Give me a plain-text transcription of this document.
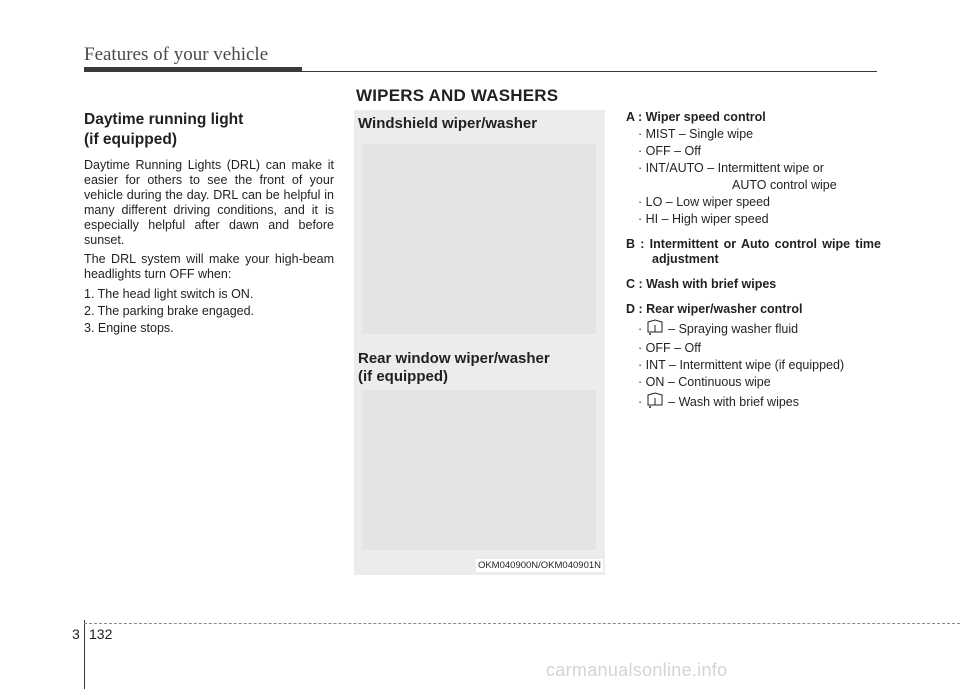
Features of your vehicle
WIPERS AND WASHERS
Daytime running light
(if equipped)

Daytime Running Lights (DRL) can make it easier for others to see the front of your vehicle during the day. DRL can be helpful in many different driving conditions, and it is especially helpful after dawn and before sunset.

The DRL system will make your high-beam headlights turn OFF when:

1. The head light switch is ON.
2. The parking brake engaged.
3. Engine stops.
Windshield wiper/washer
Rear window wiper/washer
(if equipped)
OKM040900N/OKM040901N
A : Wiper speed control
· MIST – Single wipe
· OFF – Off
· INT/AUTO – Intermittent wipe or
AUTO control wipe
· LO – Low wiper speed
· HI – High wiper speed
B : Intermittent or Auto control wipe time adjustment
C : Wash with brief wipes
D : Rear wiper/washer control
· – Spraying washer fluid
· OFF – Off
· INT – Intermittent wipe (if equipped)
· ON – Continuous wipe
· – Wash with brief wipes
3 132
carmanualsonline.info
